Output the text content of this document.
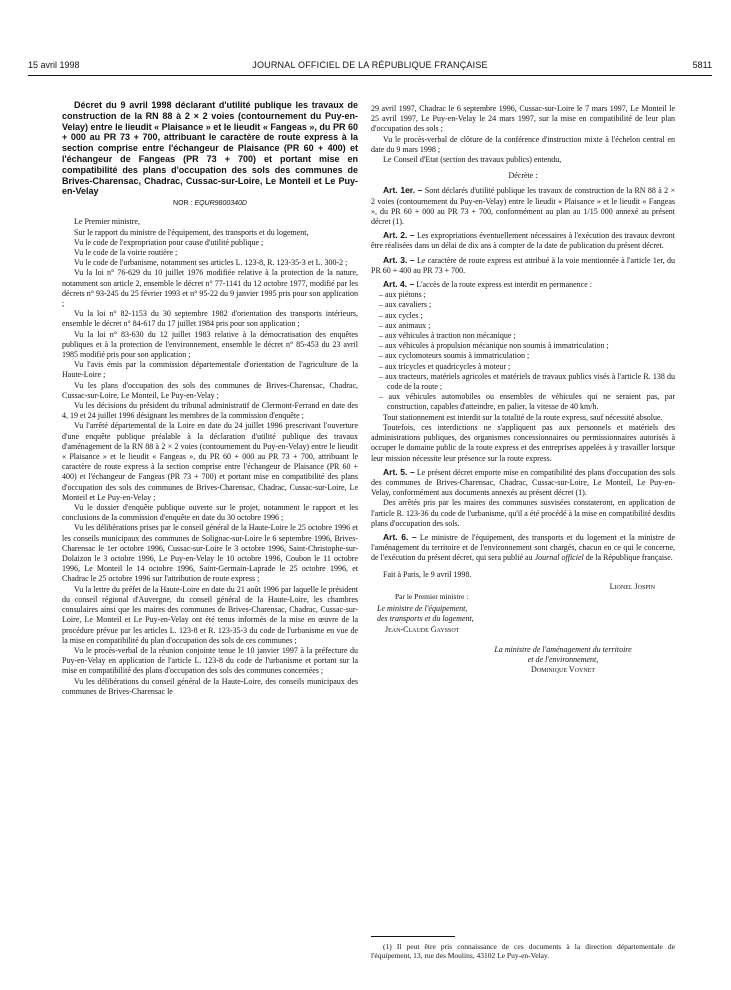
15 avril 1998	JOURNAL OFFICIEL DE LA RÉPUBLIQUE FRANÇAISE	5811

Décret du 9 avril 1998 déclarant d'utilité publique les travaux de construction de la RN 88 à 2 × 2 voies (contournement du Puy-en-Velay) entre le lieudit « Plaisance » et le lieudit « Fangeas », du PR 60 + 000 au PR 73 + 700, attribuant le caractère de route express à la section comprise entre l'échangeur de Plaisance (PR 60 + 400) et l'échangeur de Fangeas (PR 73 + 700) et portant mise en compatibilité des plans d'occupation des sols des communes de Brives-Charensac, Chadrac, Cussac-sur-Loire, Le Monteil et Le Puy-en-Velay

NOR : EQUR9800340D

Le Premier ministre,

Sur le rapport du ministre de l'équipement, des transports et du logement,

Vu le code de l'expropriation pour cause d'utilité publique ;

Vu le code de la voirie routière ;

Vu le code de l'urbanisme, notamment ses articles L. 123-8, R. 123-35-3 et L. 300-2 ;

Vu la loi n° 76-629 du 10 juillet 1976 modifiée relative à la protection de la nature, notamment son article 2, ensemble le décret n° 77-1141 du 12 octobre 1977, modifié par les décrets n° 93-245 du 25 février 1993 et n° 95-22 du 9 janvier 1995 pris pour son application ;

Vu la loi n° 82-1153 du 30 septembre 1982 d'orientation des transports intérieurs, ensemble le décret n° 84-617 du 17 juillet 1984 pris pour son application ;

Vu la loi n° 83-630 du 12 juillet 1983 relative à la démocratisation des enquêtes publiques et à la protection de l'environnement, ensemble le décret n° 85-453 du 23 avril 1985 modifié pris pour son application ;

Vu l'avis émis par la commission départementale d'orientation de l'agriculture de la Haute-Loire ;

Vu les plans d'occupation des sols des communes de Brives-Charensac, Chadrac, Cussac-sur-Loire, Le Monteil, Le Puy-en-Velay ;

Vu les décisions du président du tribunal administratif de Clermont-Ferrand en date des 4, 19 et 24 juillet 1996 désignant les membres de la commission d'enquête ;

Vu l'arrêté départemental de la Loire en date du 24 juillet 1996 prescrivant l'ouverture d'une enquête publique préalable à la déclaration d'utilité publique des travaux d'aménagement de la RN 88 à 2 × 2 voies (contournement du Puy-en-Velay) entre le lieudit « Plaisance » et le lieudit « Fangeas », du PR 60 + 000 au PR 73 + 700, attribuant le caractère de route express à la section comprise entre l'échangeur de Plaisance (PR 60 + 400) et l'échangeur de Fangeas (PR 73 + 700) et portant mise en compatibilité des plans d'occupation des sols des communes de Brives-Charensac, Chadrac, Cussac-sur-Loire, Le Monteil et Le Puy-en-Velay ;

Vu le dossier d'enquête publique ouverte sur le projet, notamment le rapport et les conclusions de la commission d'enquête en date du 30 octobre 1996 ;

Vu les délibérations prises par le conseil général de la Haute-Loire le 25 octobre 1996 et les conseils municipaux des communes de Solignac-sur-Loire le 6 septembre 1996, Brives-Charensac le 1er octobre 1996, Cussac-sur-Loire le 3 octobre 1996, Saint-Christophe-sur-Dolaizon le 3 octobre 1996, Le Puy-en-Velay le 10 octobre 1996, Coubon le 11 octobre 1996, Le Monteil le 14 octobre 1996, Saint-Germain-Laprade le 25 octobre 1996, et Chadrac le 25 octobre 1996 sur l'attribution de route express ;

Vu la lettre du préfet de la Haute-Loire en date du 21 août 1996 par laquelle le président du conseil régional d'Auvergne, du conseil général de la Haute-Loire, les chambres consulaires ainsi que les maires des communes de Brives-Charensac, Chadrac, Cussac-sur-Loire, Le Monteil et Le Puy-en-Velay ont été tenus informés de la mise en œuvre de la procédure prévue par les articles L. 123-8 et R. 123-35-3 du code de l'urbanisme en vue de la mise en compatibilité du plan d'occupation des sols de ces communes ;

Vu le procès-verbal de la réunion conjointe tenue le 10 janvier 1997 à la préfecture du Puy-en-Velay en application de l'article L. 123-8 du code de l'urbanisme et portant sur la mise en compatibilité des plans d'occupation des sols des communes concernées ;

Vu les délibérations du conseil général de la Haute-Loire, des conseils municipaux des communes de Brives-Charensac le

29 avril 1997, Chadrac le 6 septembre 1996, Cussac-sur-Loire le 7 mars 1997, Le Monteil le 25 avril 1997, Le Puy-en-Velay le 24 mars 1997, sur la mise en compatibilité de leur plan d'occupation des sols ;

Vu le procès-verbal de clôture de la conférence d'instruction mixte à l'échelon central en date du 9 mars 1998 ;

Le Conseil d'Etat (section des travaux publics) entendu,

Décrète :

Art. 1er. – Sont déclarés d'utilité publique les travaux de construction de la RN 88 à 2 × 2 voies (contournement du Puy-en-Velay) entre le lieudit « Plaisance » et le lieudit « Fangeas », du PR 60 + 000 au PR 73 + 700, conformément au plan au 1/15 000 annexé au présent décret (1).

Art. 2. – Les expropriations éventuellement nécessaires à l'exécution des travaux devront être réalisées dans un délai de dix ans à compter de la date de publication du présent décret.

Art. 3. – Le caractère de route express est attribué à la voie mentionnée à l'article 1er, du PR 60 + 400 au PR 73 + 700.

Art. 4. – L'accès de la route express est interdit en permanence :

– aux piétons ;
– aux cavaliers ;
– aux cycles ;
– aux animaux ;
– aux véhicules à traction non mécanique ;
– aux véhicules à propulsion mécanique non soumis à immatriculation ;
– aux cyclomoteurs soumis à immatriculation ;
– aux tricycles et quadricycles à moteur ;
– aux tracteurs, matériels agricoles et matériels de travaux publics visés à l'article R. 138 du code de la route ;
– aux véhicules automobiles ou ensembles de véhicules qui ne seraient pas, par construction, capables d'atteindre, en palier, la vitesse de 40 km/h.

Tout stationnement est interdit sur la totalité de la route express, sauf nécessité absolue.

Toutefois, ces interdictions ne s'appliquent pas aux personnels et matériels des administrations publiques, des organismes concessionnaires ou permissionnaires autorisés à occuper le domaine public de la route express et des entreprises appelées à y travailler lorsque leur mission nécessite leur présence sur la route express.

Art. 5. – Le présent décret emporte mise en compatibilité des plans d'occupation des sols des communes de Brives-Charensac, Chadrac, Cussac-sur-Loire, Le Monteil, Le Puy-en-Velay, conformément aux documents annexés au présent décret (1).

Des arrêtés pris par les maires des communes susvisées constateront, en application de l'article R. 123-36 du code de l'urbanisme, qu'il a été procédé à la mise en compatibilité desdits plans d'occupation des sols.

Art. 6. – Le ministre de l'équipement, des transports et du logement et la ministre de l'aménagement du territoire et de l'environnement sont chargés, chacun en ce qui le concerne, de l'exécution du présent décret, qui sera publié au Journal officiel de la République française.

Fait à Paris, le 9 avril 1998.

Lionel Jospin

Par le Premier ministre :

Le ministre de l'équipement,
des transports et du logement,
Jean-Claude Gayssot

La ministre de l'aménagement du territoire
et de l'environnement,
Dominique Voynet

(1) Il peut être pris connaissance de ces documents à la direction départementale de l'équipement, 13, rue des Moulins, 43102 Le Puy-en-Velay.
